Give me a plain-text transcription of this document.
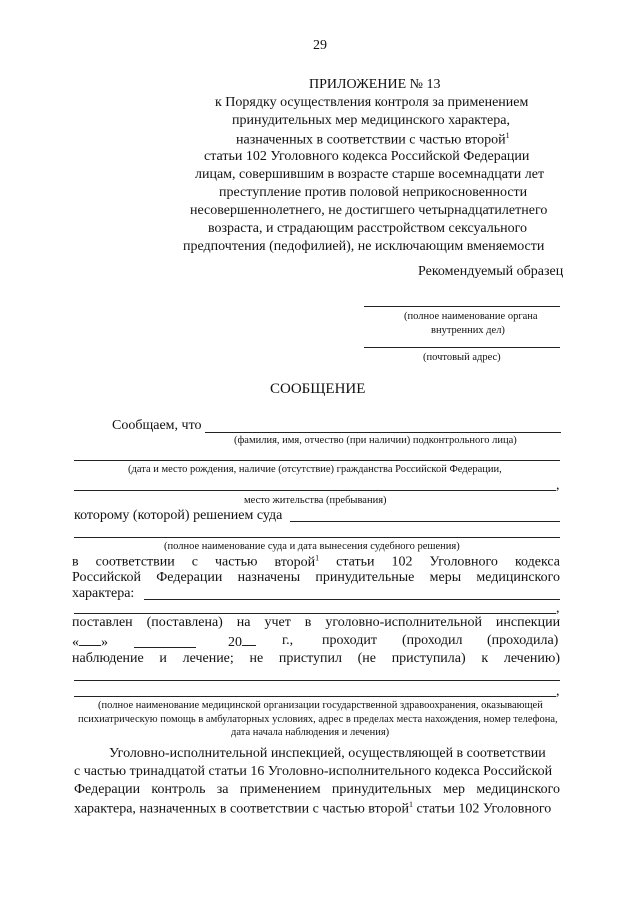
29
ПРИЛОЖЕНИЕ № 13
к Порядку осуществления контроля за применением
принудительных мер медицинского характера,
назначенных в соответствии с частью второй$^1$
статьи 102 Уголовного кодекса Российской Федерации
лицам, совершившим в возрасте старше восемнадцати лет
преступление против половой неприкосновенности
несовершеннолетнего, не достигшего четырнадцатилетнего
возраста, и страдающим расстройством сексуального
предпочтения (педофилией), не исключающим вменяемости
Рекомендуемый образец
(полное наименование органа
внутренних дел)
(почтовый адрес)
СООБЩЕНИЕ
Сообщаем, что
(фамилия, имя, отчество (при наличии) подконтрольного лица)
(дата и место рождения, наличие (отсутствие) гражданства Российской Федерации,
,
место жительства (пребывания)
которому (которой) решением суда
(полное наименование суда и дата вынесения судебного решения)
в соответствии с частью второй$^1$ статьи 102 Уголовного кодекса
Российской Федерации назначены принудительные меры медицинского
характера:
,
поставлен (поставлена) на учет в уголовно-исполнительной инспекции
« »	20	г., проходит (проходил (проходила)
наблюдение и лечение; не приступил (не приступила) к лечению)
,
(полное наименование медицинской организации государственной здравоохранения, оказывающей
психиатрическую помощь в амбулаторных условиях, адрес в пределах места нахождения, номер телефона,
дата начала наблюдения и лечения)
Уголовно-исполнительной инспекцией, осуществляющей в соответствии
с частью тринадцатой статьи 16 Уголовно-исполнительного кодекса Российской
Федерации контроль за применением принудительных мер медицинского
характера, назначенных в соответствии с частью второй$^1$ статьи 102 Уголовного
